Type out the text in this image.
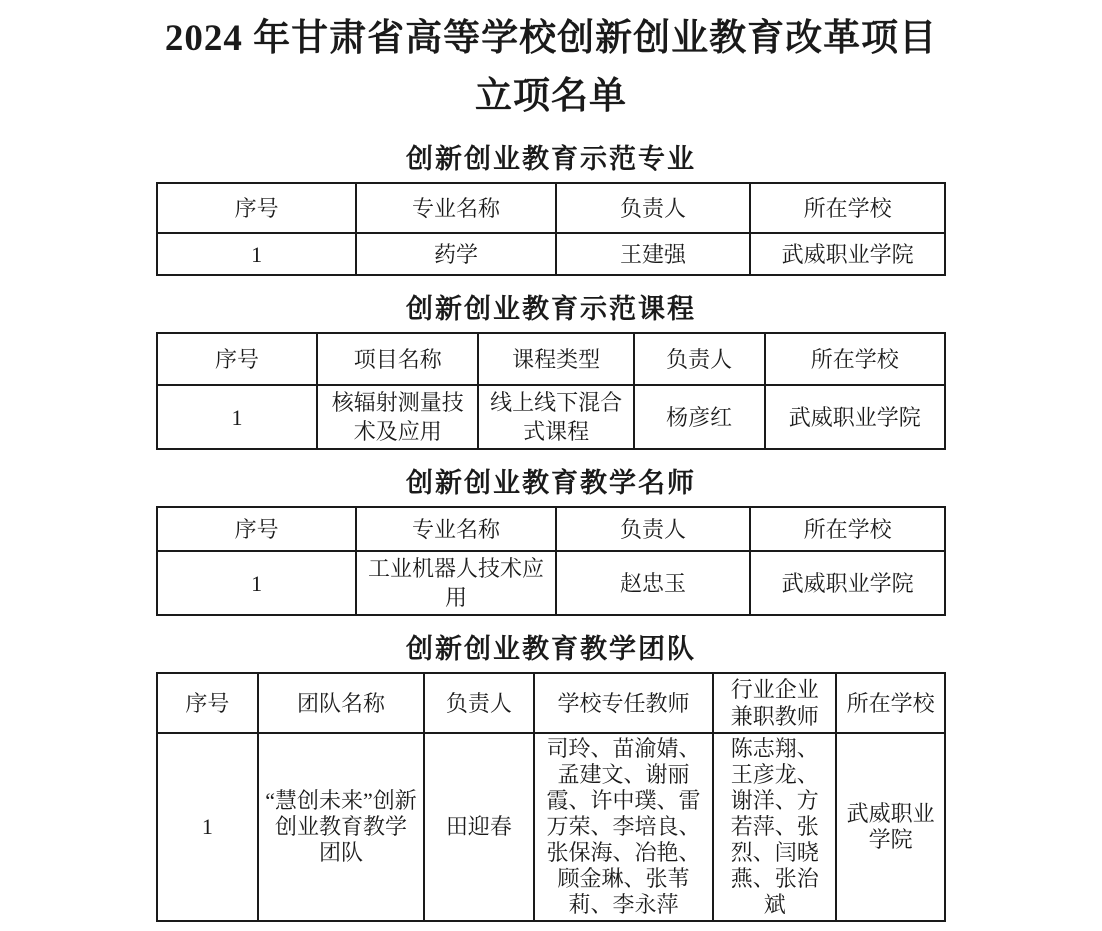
2024 年甘肃省高等学校创新创业教育改革项目
立项名单
创新创业教育示范专业
序号	专业名称	负责人	所在学校
1	药学	王建强	武威职业学院
创新创业教育示范课程
序号	项目名称	课程类型	负责人	所在学校
1	核辐射测量技术及应用	线上线下混合式课程	杨彦红	武威职业学院
创新创业教育教学名师
序号	专业名称	负责人	所在学校
1	工业机器人技术应用	赵忠玉	武威职业学院
创新创业教育教学团队
序号	团队名称	负责人	学校专任教师	行业企业兼职教师	所在学校
1	“慧创未来”创新创业教育教学团队	田迎春	司玲、苗渝婧、孟建文、谢丽霞、许中璞、雷万荣、李培良、张保海、冶艳、顾金琳、张苇莉、李永萍	陈志翔、王彦龙、谢洋、方若萍、张烈、闫晓燕、张治斌	武威职业学院
